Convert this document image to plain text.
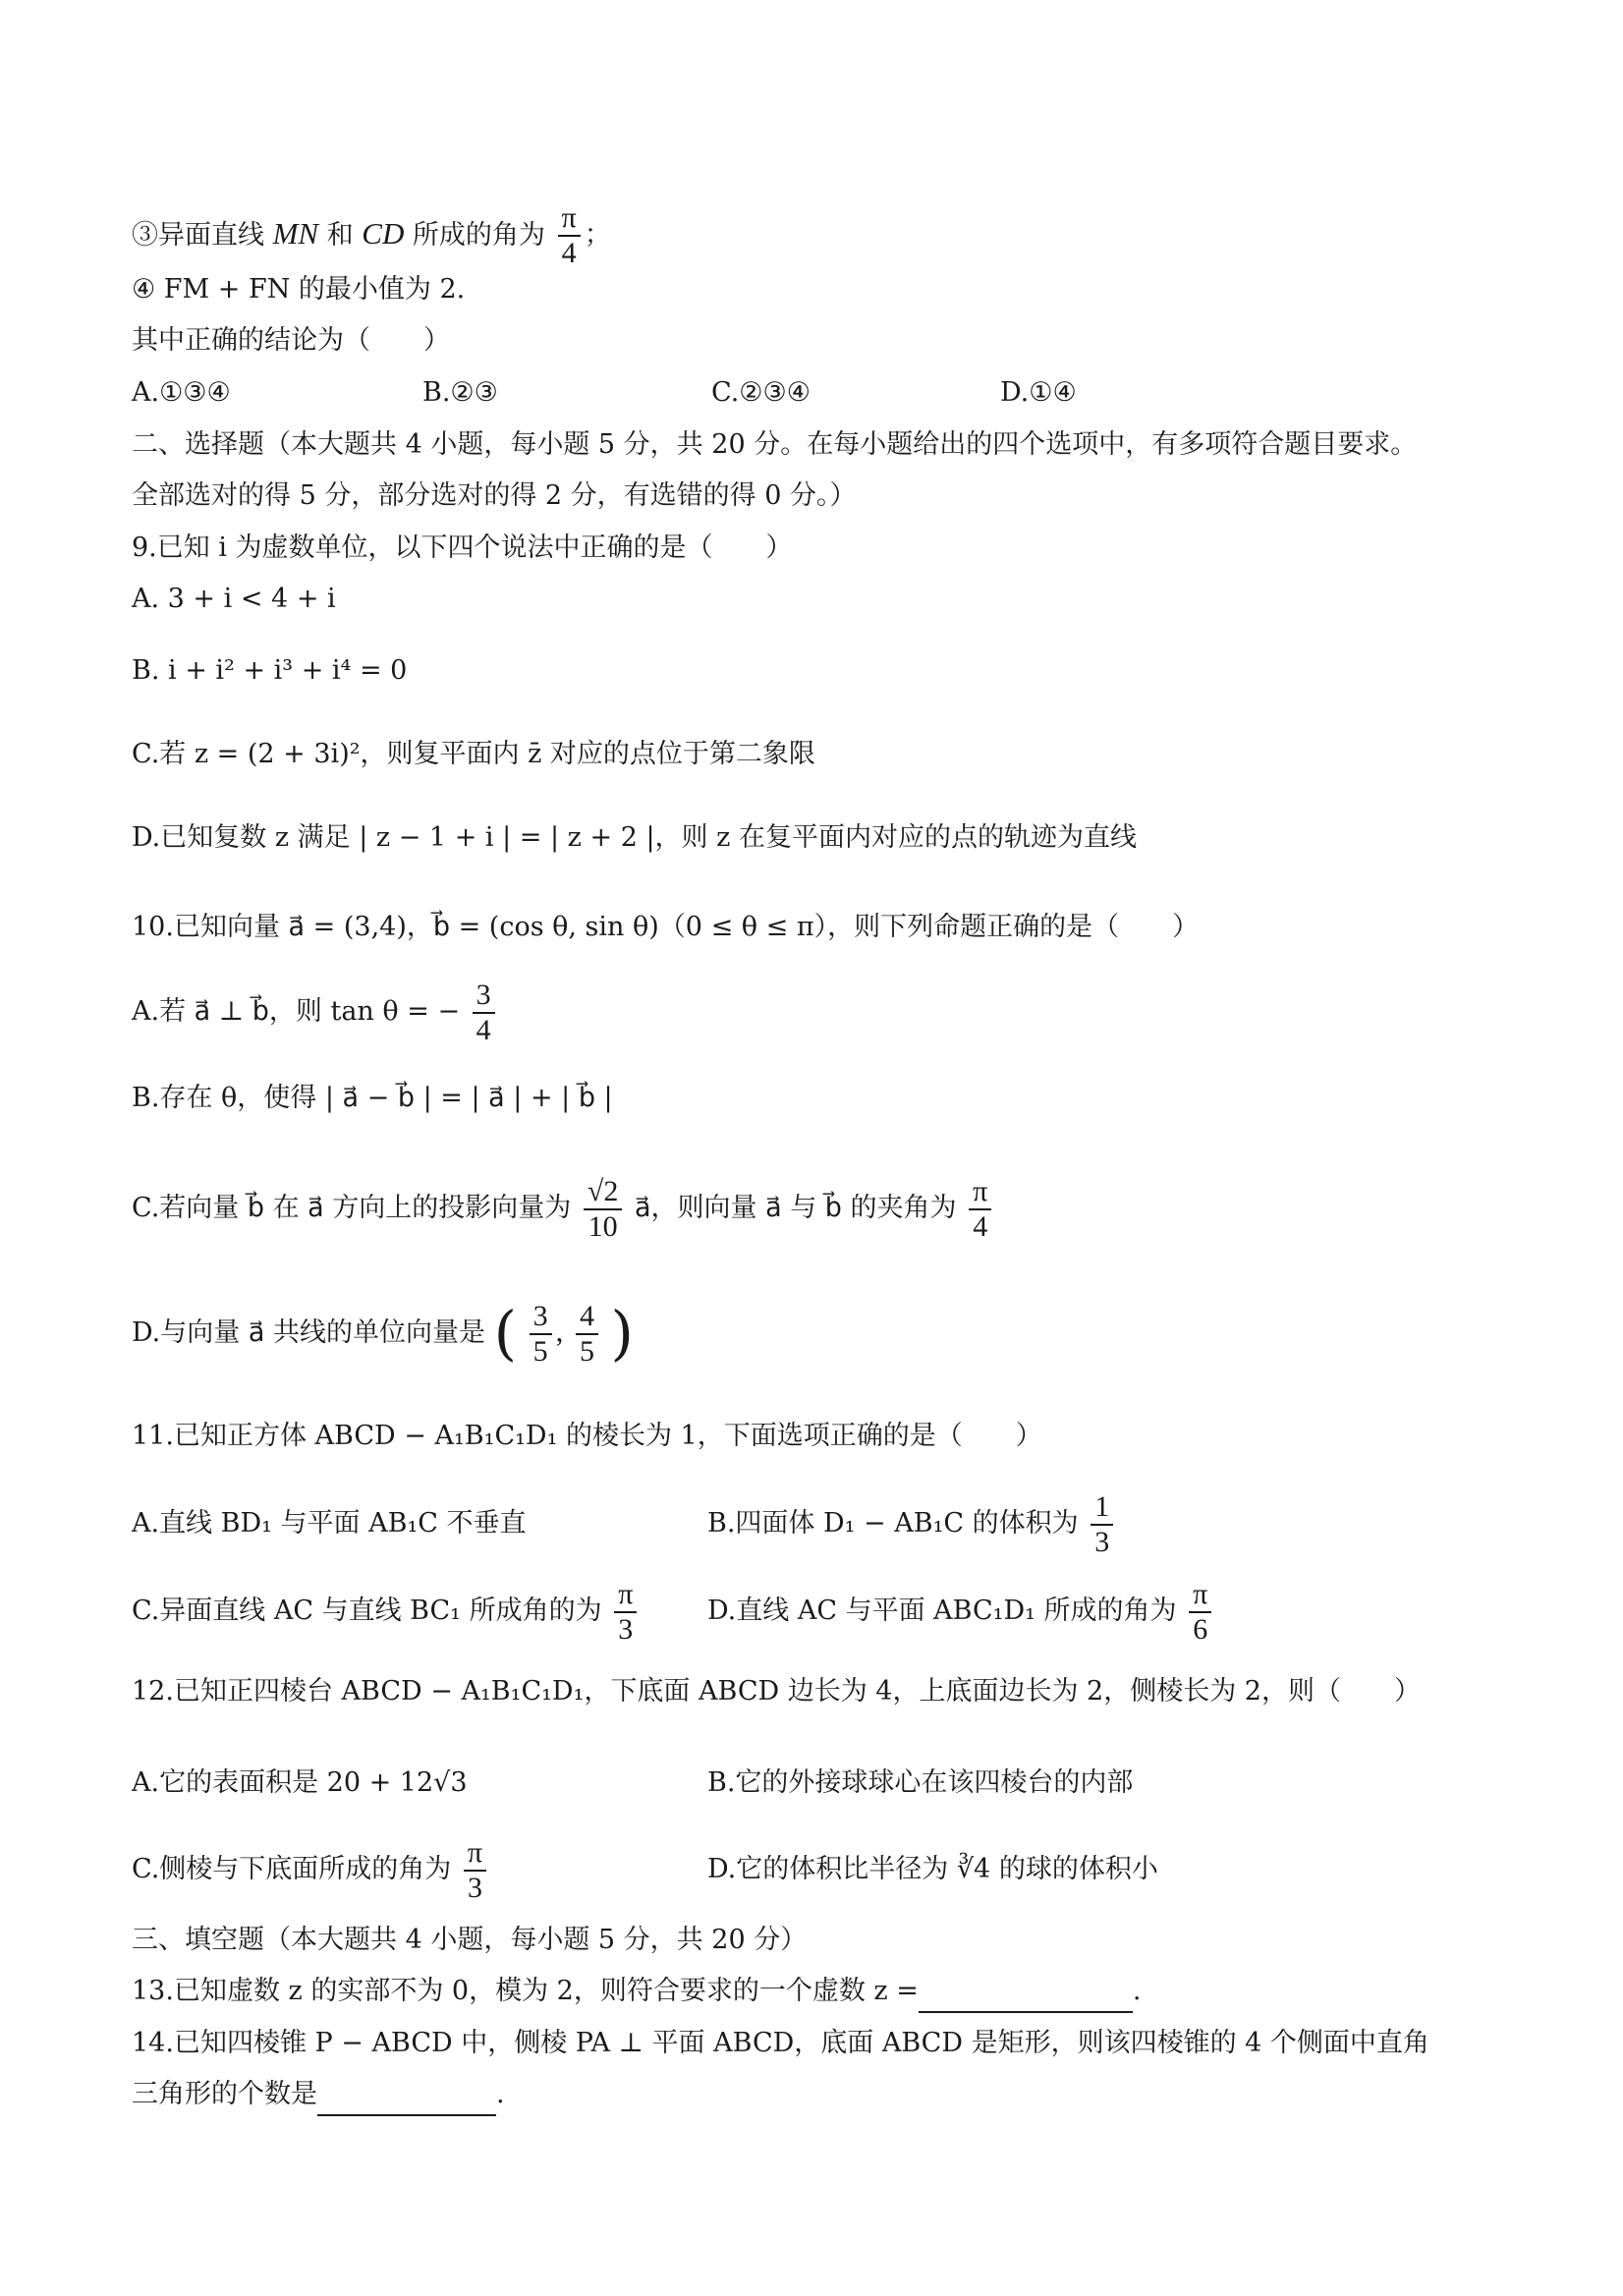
③异面直线 MN 和 CD 所成的角为 $\frac{\pi}{4}$ ；
④ FM + FN 的最小值为 2.
其中正确的结论为（　　）
A.①③④	B.②③	C.②③④	D.①④
二、选择题（本大题共 4 小题，每小题 5 分，共 20 分。在每小题给出的四个选项中，有多项符合题目要求。
全部选对的得 5 分，部分选对的得 2 分，有选错的得 0 分。）
9.已知 i 为虚数单位，以下四个说法中正确的是（　　）
A. 3 + i < 4 + i
B. i + i² + i³ + i⁴ = 0
C.若 z = (2 + 3i)²，则复平面内 z̄ 对应的点位于第二象限
D.已知复数 z 满足 | z − 1 + i | = | z + 2 |，则 z 在复平面内对应的点的轨迹为直线
10.已知向量 a⃗ = (3,4)，b⃗ = (cos θ, sin θ)（0 ≤ θ ≤ π），则下列命题正确的是（　　）
A.若 a⃗ ⊥ b⃗，则 tan θ = − $\frac{3}{4}$
B.存在 θ，使得 | a⃗ − b⃗ | = | a⃗ | + | b⃗ |
C.若向量 b⃗ 在 a⃗ 方向上的投影向量为 $\frac{√2}{10}$ a⃗，则向量 a⃗ 与 b⃗ 的夹角为 $\frac{\pi}{4}$
D.与向量 a⃗ 共线的单位向量是 ( $\frac{3}{5}$ , $\frac{4}{5}$ )
11.已知正方体 ABCD − A₁B₁C₁D₁ 的棱长为 1，下面选项正确的是（　　）
A.直线 BD₁ 与平面 AB₁C 不垂直	B.四面体 D₁ − AB₁C 的体积为 $\frac{1}{3}$
C.异面直线 AC 与直线 BC₁ 所成角的为 $\frac{\pi}{3}$	D.直线 AC 与平面 ABC₁D₁ 所成的角为 $\frac{\pi}{6}$
12.已知正四棱台 ABCD − A₁B₁C₁D₁，下底面 ABCD 边长为 4，上底面边长为 2，侧棱长为 2，则（　　）
A.它的表面积是 20 + 12√3	B.它的外接球球心在该四棱台的内部
C.侧棱与下底面所成的角为 $\frac{\pi}{3}$	D.它的体积比半径为 ∛4 的球的体积小
三、填空题（本大题共 4 小题，每小题 5 分，共 20 分）
13.已知虚数 z 的实部不为 0，模为 2，则符合要求的一个虚数 z =	.
14.已知四棱锥 P − ABCD 中，侧棱 PA ⊥ 平面 ABCD，底面 ABCD 是矩形，则该四棱锥的 4 个侧面中直角
三角形的个数是	.
